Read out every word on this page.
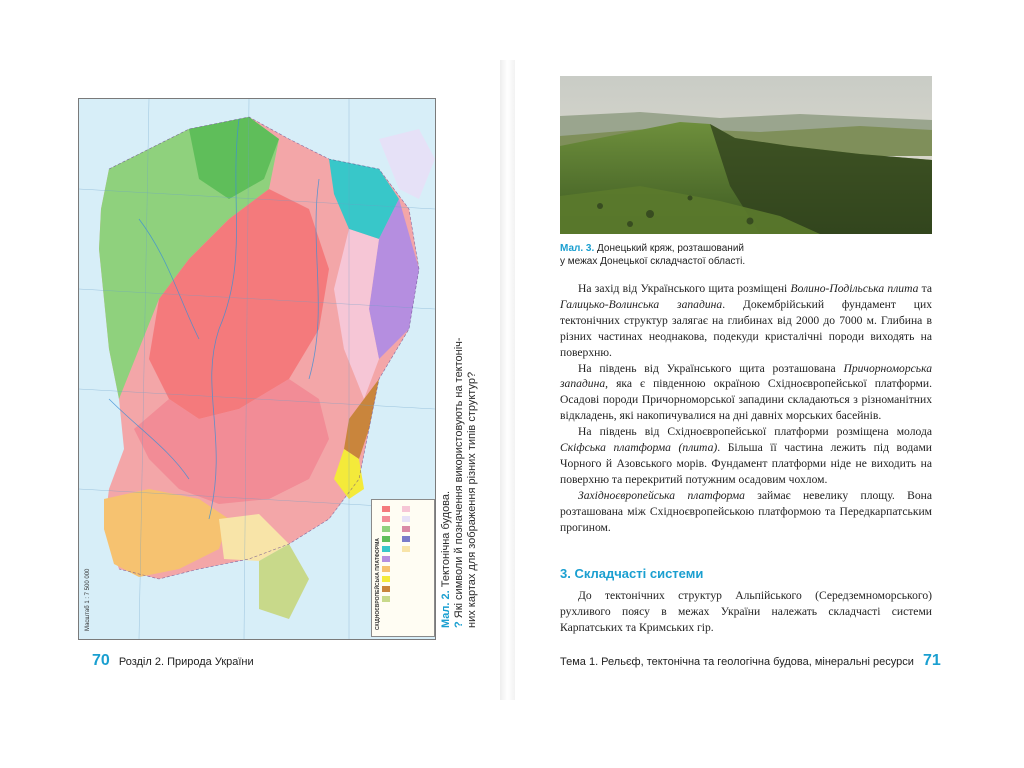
СХІДНОЄВРОПЕЙСЬКА ПЛАТФОРМА
Масштаб 1 : 7 500 000	Мал. 2. Тектонічна будова.
? Які символи й позначення використовують на тектоніч- них картах для зображення різних типів структур?
70 Розділ 2. Природа України
Мал. 3. Донецький кряж, розташований
у межах Донецької складчастої області.

На захід від Українського щита розміщені Волино-Подільська плита та Галицько-Волинська западина. Докембрійський фундамент цих тектонічних структур залягає на глибинах від 2000 до 7000 м. Глибина в різних частинах неоднакова, подекуди кристалічні породи виходять на поверхню.

На південь від Українського щита розташована Причорноморська западина, яка є південною окраїною Східноєвропейської платформи. Осадові породи Причорноморської западини складаються з різноманітних відкладень, які накопичувалися на дні давніх морських басейнів.

На південь від Східноєвропейської платформи розміщена молода Скіфська платформа (плита). Більша її частина лежить під водами Чорного й Азовського морів. Фундамент платформи ніде не виходить на поверхню та перекритий потужним осадовим чохлом.

Західноєвропейська платформа займає невелику площу. Вона розташована між Східноєвропейською платформою та Передкарпатським прогином.

3. Складчасті системи

До тектонічних структур Альпійського (Середземноморського) рухливого поясу в межах України належать складчасті системи Карпатських та Кримських гір.

Тема 1. Рельєф, тектонічна та геологічна будова, мінеральні ресурси 71
